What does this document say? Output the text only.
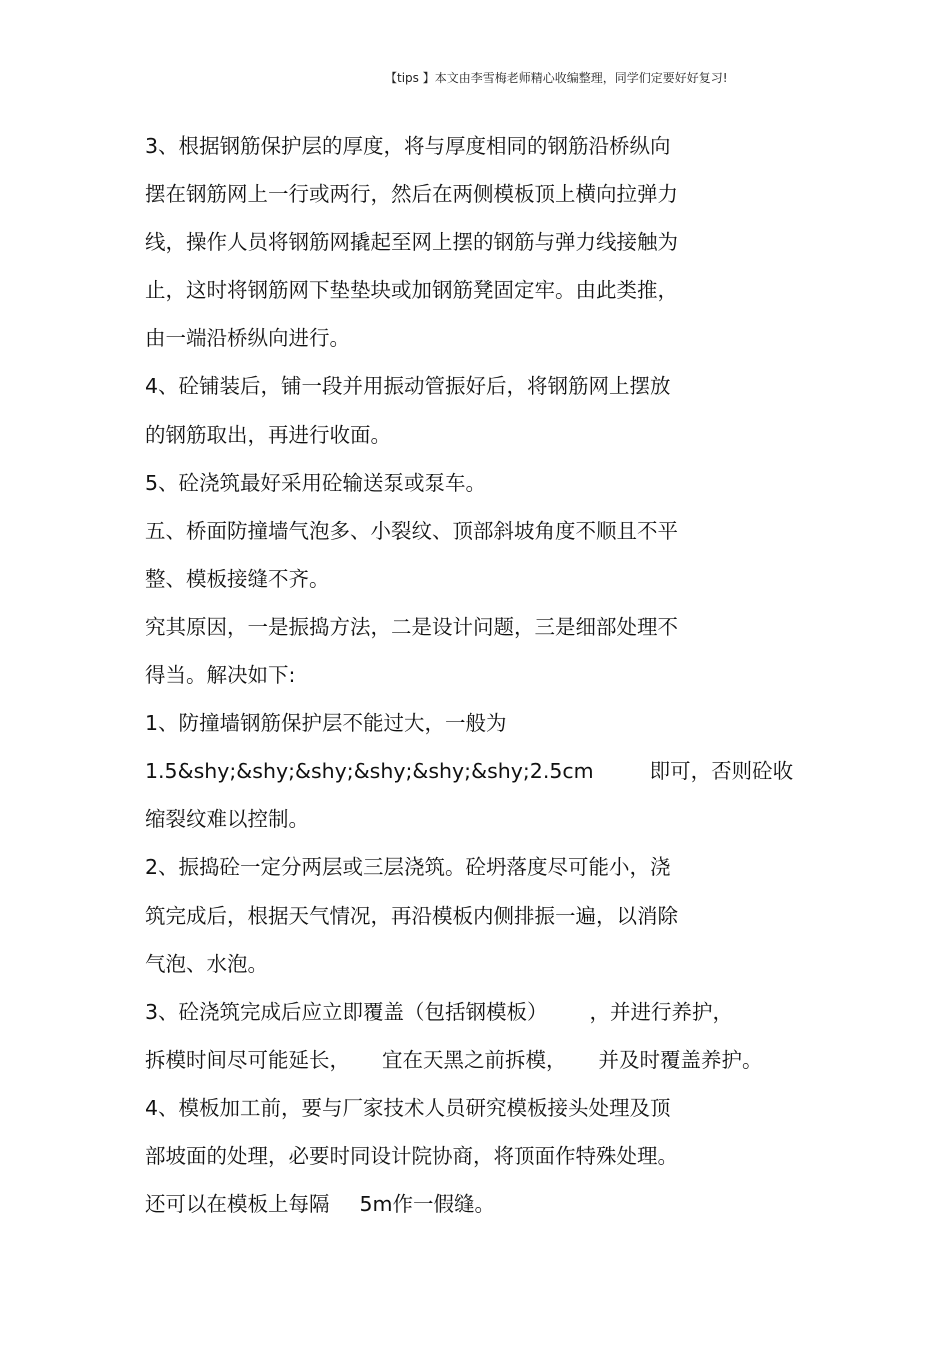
【tips 】本文由李雪梅老师精心收编整理，同学们定要好好复习!
3、根据钢筋保护层的厚度，将与厚度相同的钢筋沿桥纵向
摆在钢筋网上一行或两行，然后在两侧模板顶上横向拉弹力
线，操作人员将钢筋网撬起至网上摆的钢筋与弹力线接触为
止，这时将钢筋网下垫垫块或加钢筋凳固定牢。由此类推，
由一端沿桥纵向进行。
4、砼铺装后，铺一段并用振动管振好后，将钢筋网上摆放
的钢筋取出，再进行收面。
5、砼浇筑最好采用砼输送泵或泵车。
五、桥面防撞墙气泡多、小裂纹、顶部斜坡角度不顺且不平
整、模板接缝不齐。
究其原因，一是振捣方法，二是设计问题，三是细部处理不
得当。解决如下:
1、防撞墙钢筋保护层不能过大，一般为
1.5&shy;&shy;&shy;&shy;&shy;&shy;2.5cm	即可，否则砼收
缩裂纹难以控制。
2、振捣砼一定分两层或三层浇筑。砼坍落度尽可能小，浇
筑完成后，根据天气情况，再沿模板内侧排振一遍，以消除
气泡、水泡。
3、砼浇筑完成后应立即覆盖（包括钢模板） ，并进行养护，
拆模时间尽可能延长， 宜在天黑之前拆模， 并及时覆盖养护。
4、模板加工前，要与厂家技术人员研究模板接头处理及顶
部坡面的处理，必要时同设计院协商，将顶面作特殊处理。
还可以在模板上每隔 5m作一假缝。
